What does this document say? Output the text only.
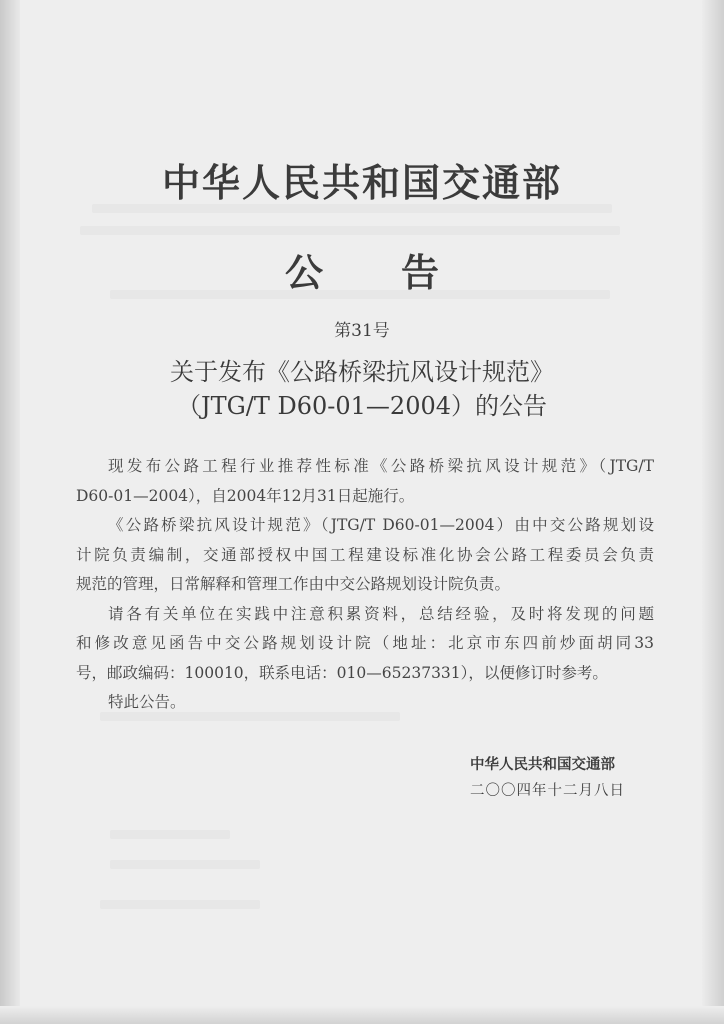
中华人民共和国交通部
公 告
第31号
关于发布《公路桥梁抗风设计规范》
（JTG/T D60-01—2004）的公告
现发布公路工程行业推荐性标准《公路桥梁抗风设计规范》（JTG/T
D60-01—2004），自2004年12月31日起施行。
《公路桥梁抗风设计规范》（JTG/T D60-01—2004）由中交公路规划设
计院负责编制，交通部授权中国工程建设标准化协会公路工程委员会负责
规范的管理，日常解释和管理工作由中交公路规划设计院负责。
请各有关单位在实践中注意积累资料，总结经验，及时将发现的问题
和修改意见函告中交公路规划设计院（地址：北京市东四前炒面胡同33
号，邮政编码：100010，联系电话：010—65237331），以便修订时参考。
特此公告。
中华人民共和国交通部
二〇〇四年十二月八日
